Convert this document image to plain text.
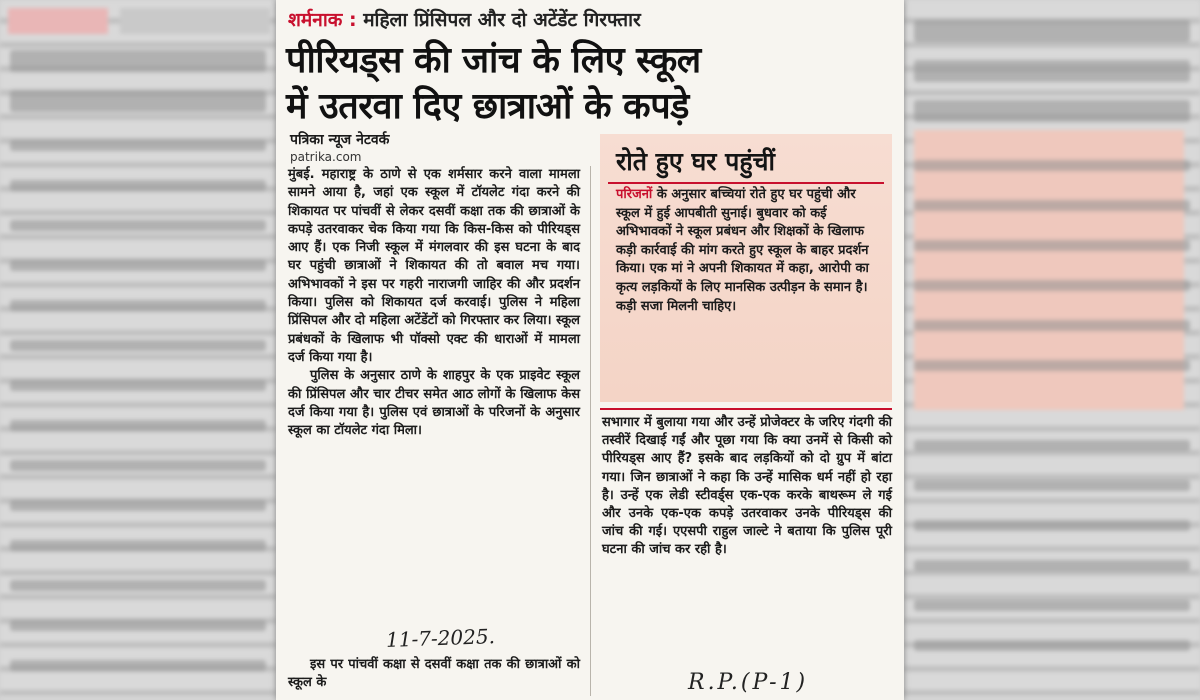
शर्मनाक : महिला प्रिंसिपल और दो अटेंडेंट गिरफ्तार
पीरियड्स की जांच के लिए स्कूल
में उतरवा दिए छात्राओं के कपड़े
पत्रिका न्यूज नेटवर्क
patrika.com

मुंबई. महाराष्ट्र के ठाणे से एक शर्मसार करने वाला मामला सामने आया है, जहां एक स्कूल में टॉयलेट गंदा करने की शिकायत पर पांचवीं से लेकर दसवीं कक्षा तक की छात्राओं के कपड़े उतरवाकर चेक किया गया कि किस-किस को पीरियड्स आए हैं। एक निजी स्कूल में मंगलवार की इस घटना के बाद घर पहुंची छात्राओं ने शिकायत की तो बवाल मच गया। अभिभावकों ने इस पर गहरी नाराजगी जाहिर की और प्रदर्शन किया। पुलिस को शिकायत दर्ज करवाई। पुलिस ने महिला प्रिंसिपल और दो महिला अटेंडेंटों को गिरफ्तार कर लिया। स्कूल प्रबंधकों के खिलाफ भी पॉक्सो एक्ट की धाराओं में मामला दर्ज किया गया है।

पुलिस के अनुसार ठाणे के शाहपुर के एक प्राइवेट स्कूल की प्रिंसिपल और चार टीचर समेत आठ लोगों के खिलाफ केस दर्ज किया गया है। पुलिस एवं छात्राओं के परिजनों के अनुसार स्कूल का टॉयलेट गंदा मिला।

11-7-2025.
इस पर पांचवीं कक्षा से दसवीं कक्षा तक की छात्राओं को स्कूल के
रोते हुए घर पहुंचीं
परिजनों के अनुसार बच्चियां रोते हुए घर पहुंची और स्कूल में हुई आपबीती सुनाई। बुधवार को कई अभिभावकों ने स्कूल प्रबंधन और शिक्षकों के खिलाफ कड़ी कार्रवाई की मांग करते हुए स्कूल के बाहर प्रदर्शन किया। एक मां ने अपनी शिकायत में कहा, आरोपी का कृत्य लड़कियों के लिए मानसिक उत्पीड़न के समान है। कड़ी सजा मिलनी चाहिए।
सभागार में बुलाया गया और उन्हें प्रोजेक्टर के जरिए गंदगी की तस्वीरें दिखाई गईं और पूछा गया कि क्या उनमें से किसी को पीरियड्स आए हैं? इसके बाद लड़कियों को दो ग्रुप में बांटा गया। जिन छात्राओं ने कहा कि उन्हें मासिक धर्म नहीं हो रहा है। उन्हें एक लेडी स्टीवर्ड्स एक-एक करके बाथरूम ले गई और उनके एक-एक कपड़े उतरवाकर उनके पीरियड्स की जांच की गई। एएसपी राहुल जाल्टे ने बताया कि पुलिस पूरी घटना की जांच कर रही है।
R.P.(P-1)
